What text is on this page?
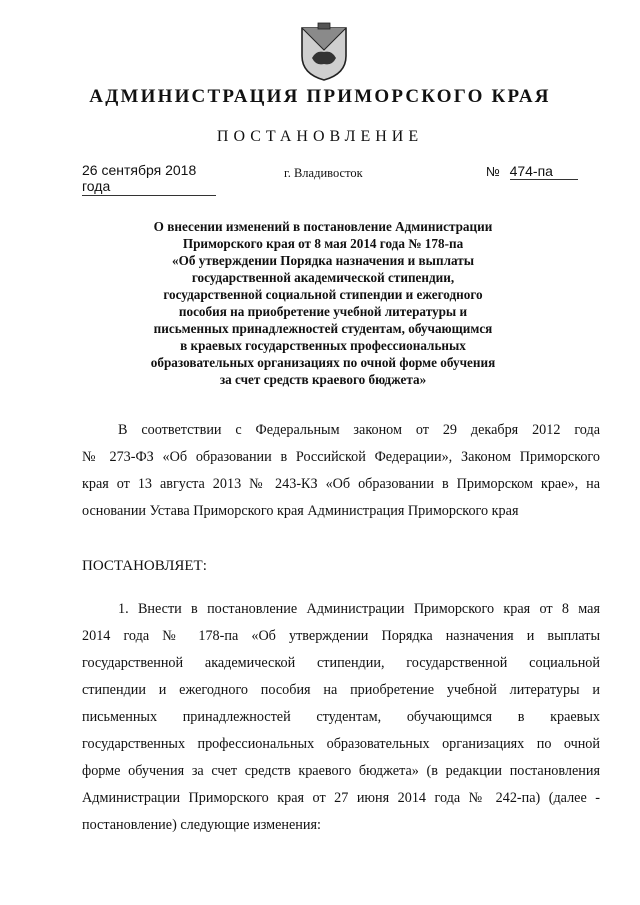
АДМИНИСТРАЦИЯ ПРИМОРСКОГО КРАЯ
ПОСТАНОВЛЕНИЕ
26 сентября 2018 года
г. Владивосток	№ 474-па
О внесении изменений в постановление Администрации
Приморского края от 8 мая 2014 года № 178-па
«Об утверждении Порядка назначения и выплаты
государственной академической стипендии,
государственной социальной стипендии и ежегодного
пособия на приобретение учебной литературы и
письменных принадлежностей студентам, обучающимся
в краевых государственных профессиональных
образовательных организациях по очной форме обучения
за счет средств краевого бюджета»
В соответствии с Федеральным законом от 29 декабря 2012 года
№ 273-ФЗ «Об образовании в Российской Федерации», Законом Приморского
края от 13 августа 2013 № 243-КЗ «Об образовании в Приморском крае», на
основании Устава Приморского края Администрация Приморского края
ПОСТАНОВЛЯЕТ:
1. Внести в постановление Администрации Приморского края от 8 мая
2014 года № 178-па «Об утверждении Порядка назначения и выплаты
государственной академической стипендии, государственной социальной
стипендии и ежегодного пособия на приобретение учебной литературы и
письменных принадлежностей студентам, обучающимся в краевых
государственных профессиональных образовательных организациях по очной
форме обучения за счет средств краевого бюджета» (в редакции постановления
Администрации Приморского края от 27 июня 2014 года № 242-па) (далее -
постановление) следующие изменения:
